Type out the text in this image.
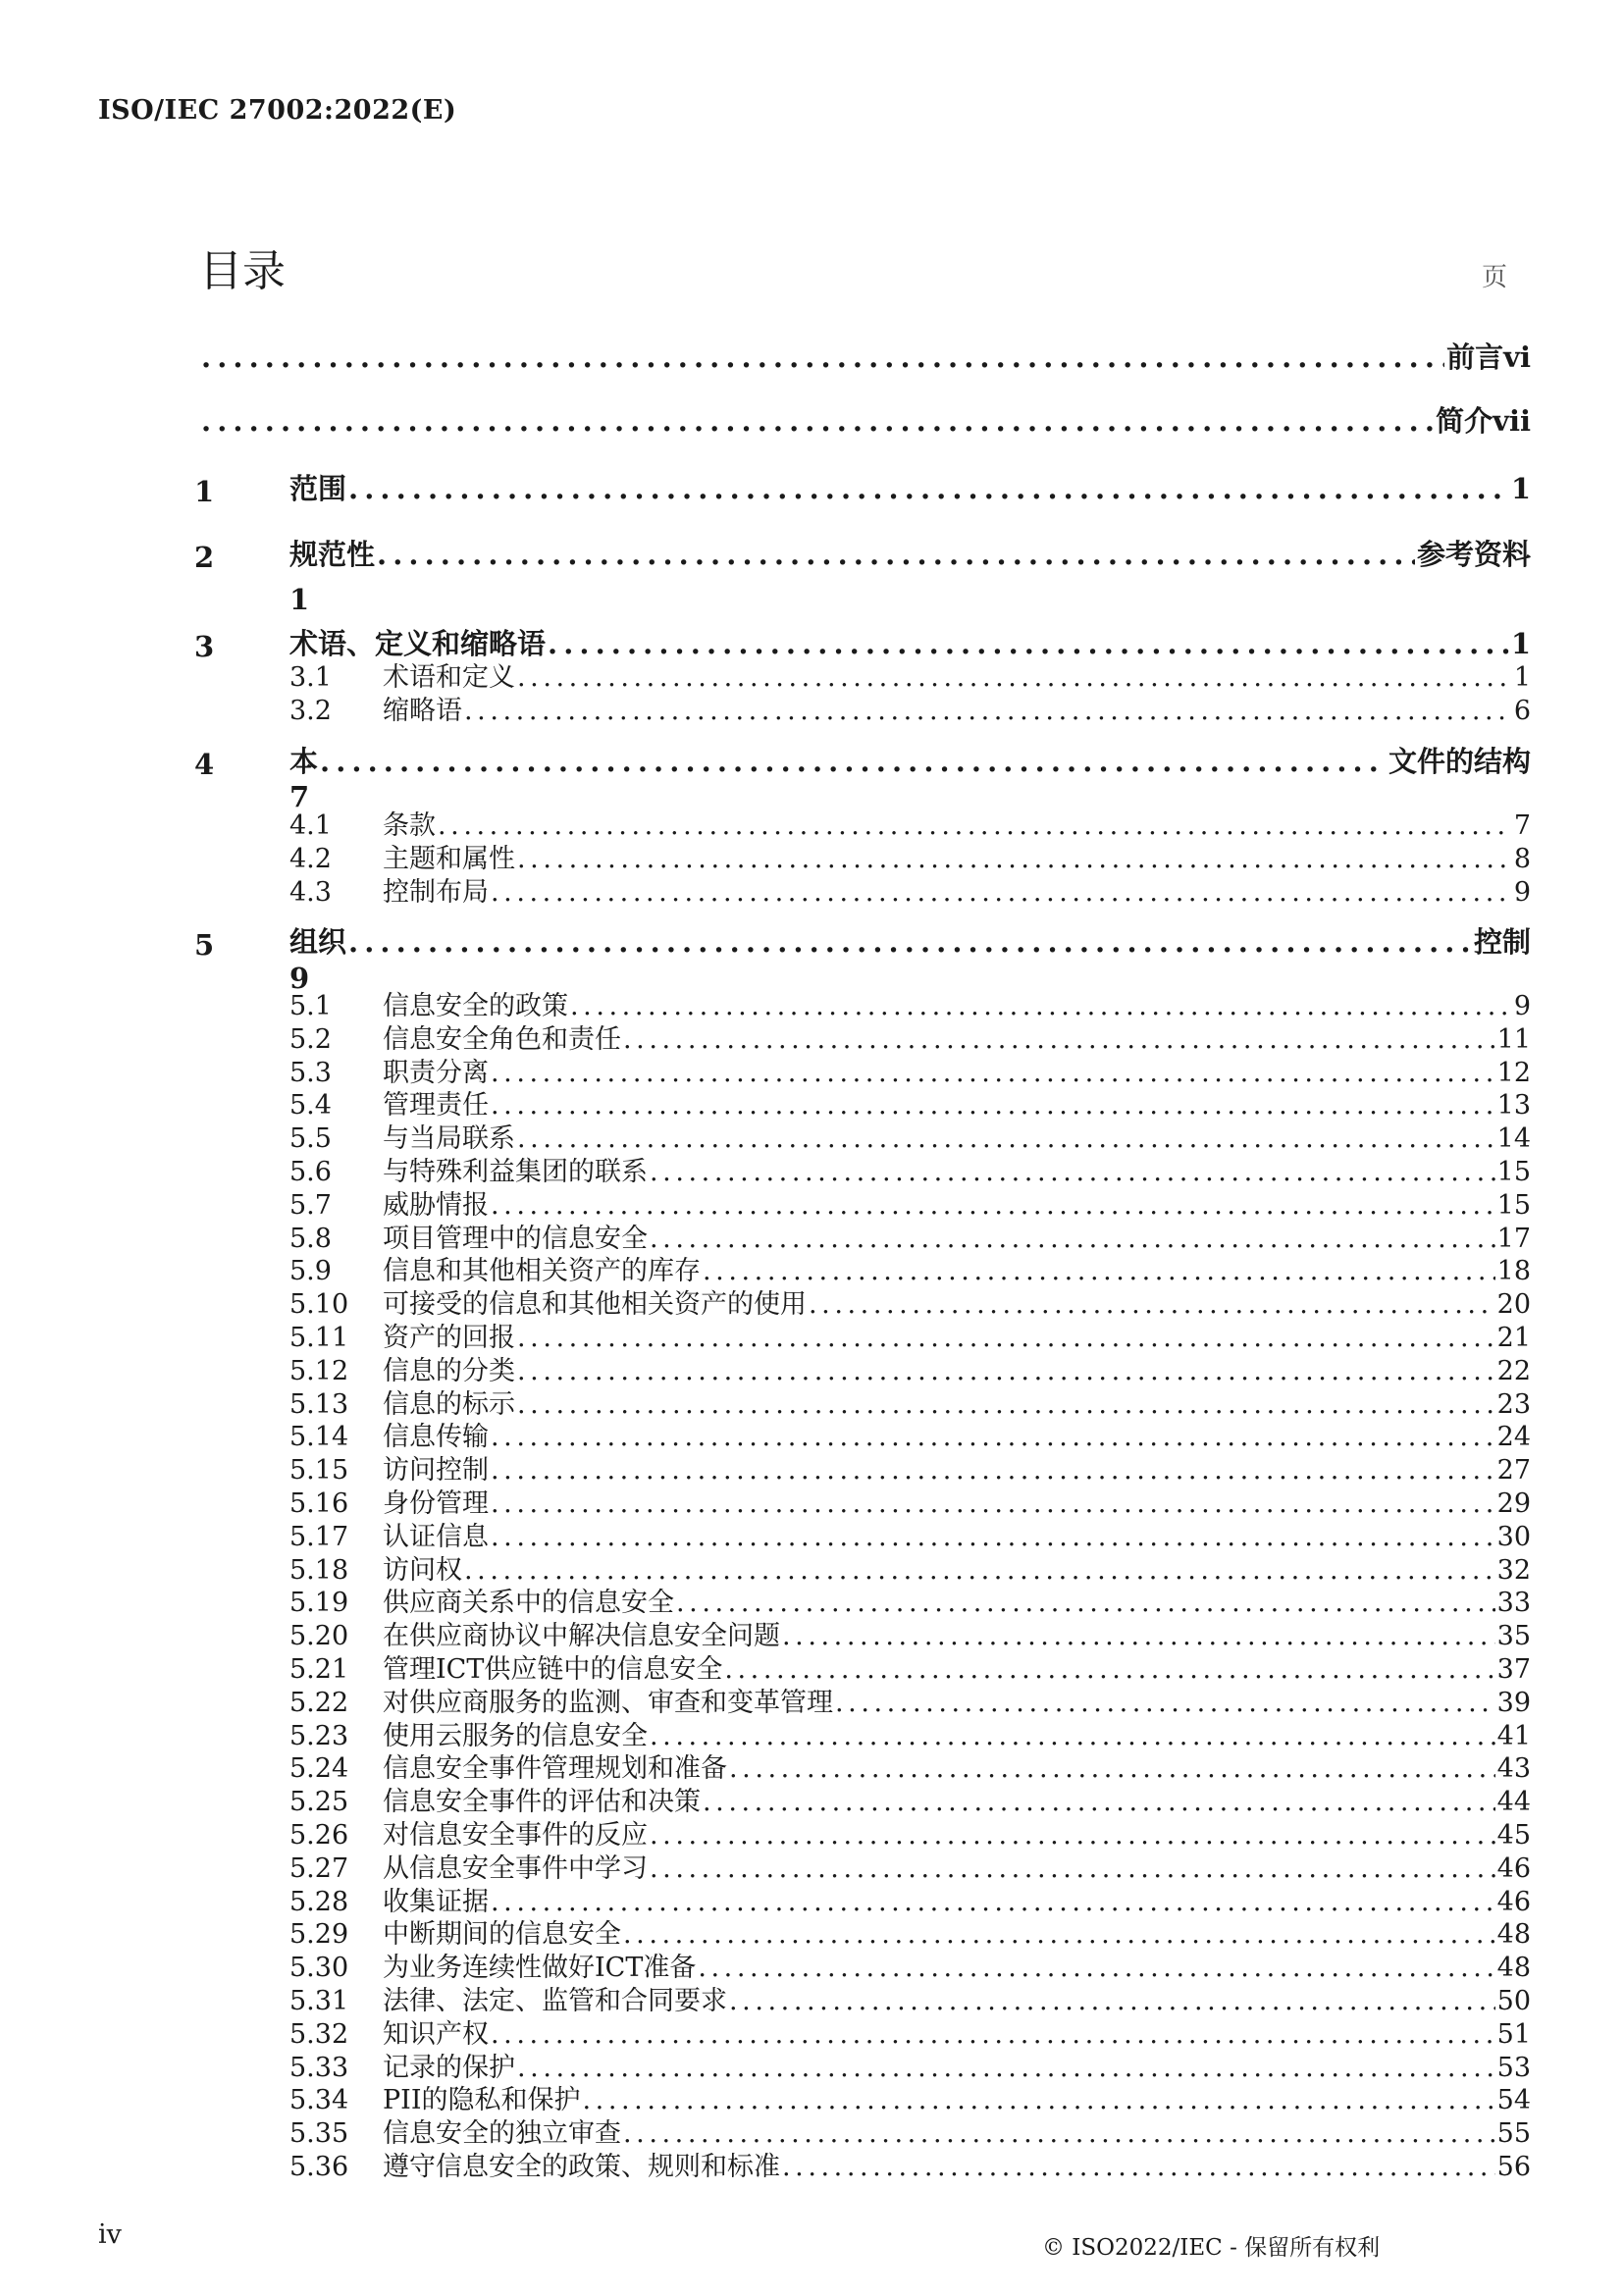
ISO/IEC 27002:2022(E)
目录	页
. . .
前言 vi
. . .
简介 vii
1	范围 . . .	1
2	规范性 . . .	参考资料
1
3	术语、定义和缩略语 . . .	1
3.1	术语和定义 . . .	1
3.2	缩略语 . . .	6
4	本 . . .	文件的结构
7
4.1	条款 . . .	7
4.2	主题和属性 . . .	8
4.3	控制布局 . . .	9
5	组织 . . .	控制
9
5.1	信息安全的政策 . . .	9
5.2	信息安全角色和责任 . . .	11
5.3	职责分离 . . .	12
5.4	管理责任 . . .	13
5.5	与当局联系 . . .	14
5.6	与特殊利益集团的联系 . . .	15
5.7	威胁情报 . . .	15
5.8	项目管理中的信息安全 . . .	17
5.9	信息和其他相关资产的库存 . . .	18
5.10	可接受的信息和其他相关资产的使用 . . .	20
5.11	资产的回报 . . .	21
5.12	信息的分类 . . .	22
5.13	信息的标示 . . .	23
5.14	信息传输 . . .	24
5.15	访问控制 . . .	27
5.16	身份管理 . . .	29
5.17	认证信息 . . .	30
5.18	访问权 . . .	32
5.19	供应商关系中的信息安全 . . .	33
5.20	在供应商协议中解决信息安全问题 . . .	35
5.21	管理ICT供应链中的信息安全 . . .	37
5.22	对供应商服务的监测、审查和变革管理 . . .	39
5.23	使用云服务的信息安全 . . .	41
5.24	信息安全事件管理规划和准备 . . .	43
5.25	信息安全事件的评估和决策 . . .	44
5.26	对信息安全事件的反应 . . .	45
5.27	从信息安全事件中学习 . . .	46
5.28	收集证据 . . .	46
5.29	中断期间的信息安全 . . .	48
5.30	为业务连续性做好ICT准备 . . .	48
5.31	法律、法定、监管和合同要求 . . .	50
5.32	知识产权 . . .	51
5.33	记录的保护 . . .	53
5.34	PII的隐私和保护 . . .	54
5.35	信息安全的独立审查 . . .	55
5.36	遵守信息安全的政策、规则和标准 . . .	56
iv	© ISO2022/IEC - 保留所有权利
